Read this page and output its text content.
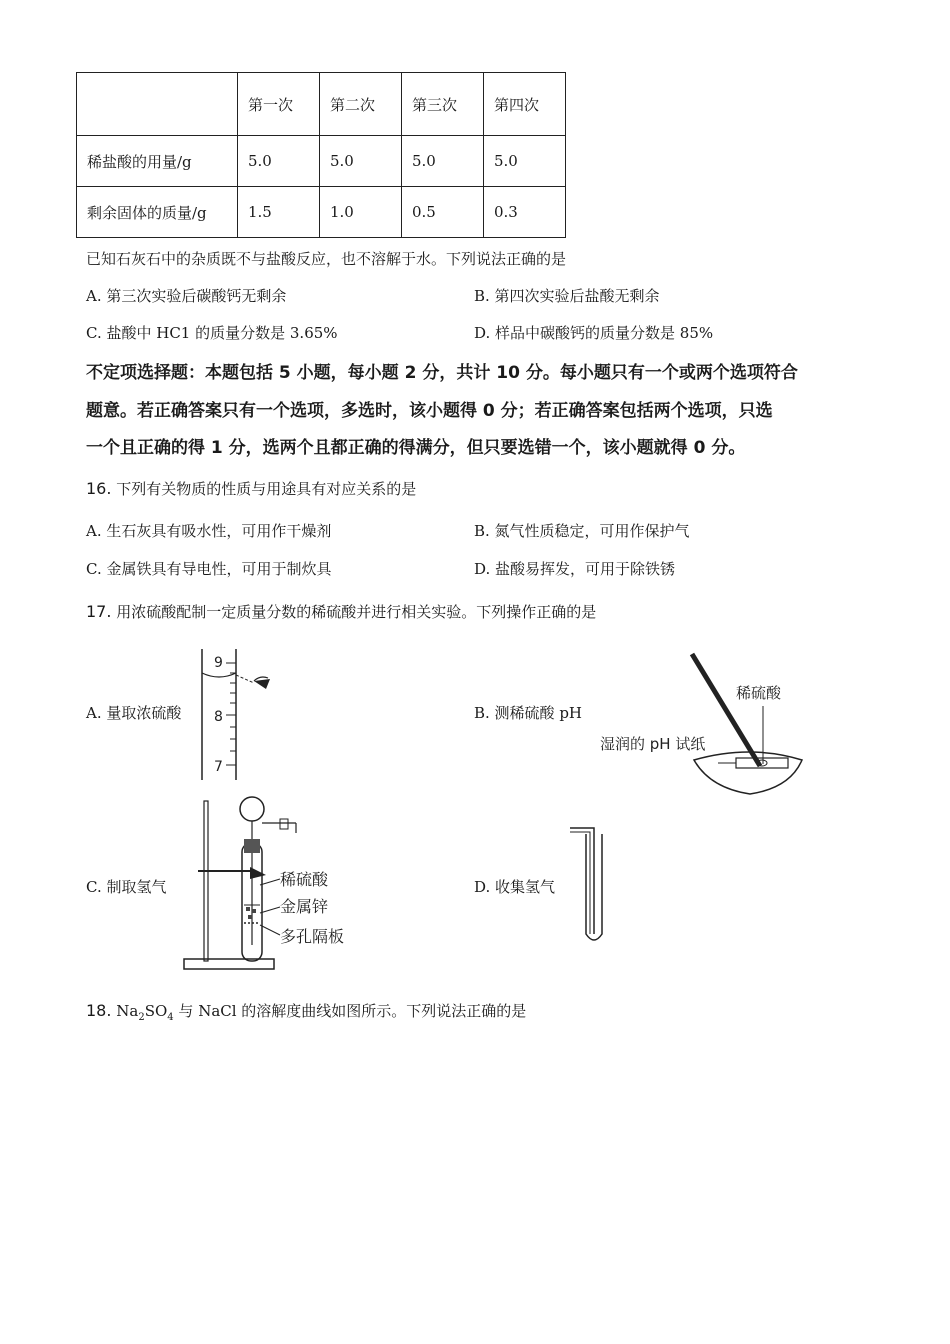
	第一次	第二次	第三次	第四次
稀盐酸的用量/g	5.0	5.0	5.0	5.0
剩余固体的质量/g	1.5	1.0	0.5	0.3
已知石灰石中的杂质既不与盐酸反应，也不溶解于水。下列说法正确的是
A. 第三次实验后碳酸钙无剩余	B. 第四次实验后盐酸无剩余
C. 盐酸中 HC1 的质量分数是 3.65%	D. 样品中碳酸钙的质量分数是 85%
不定项选择题：本题包括 5 小题，每小题 2 分，共计 10 分。每小题只有一个或两个选项符合
题意。若正确答案只有一个选项，多选时，该小题得 0 分；若正确答案包括两个选项，只选
一个且正确的得 1 分，选两个且都正确的得满分，但只要选错一个，该小题就得 0 分。
16. 下列有关物质的性质与用途具有对应关系的是
A. 生石灰具有吸水性，可用作干燥剂	B. 氮气性质稳定，可用作保护气
C. 金属铁具有导电性，可用于制炊具	D. 盐酸易挥发，可用于除铁锈
17. 用浓硫酸配制一定质量分数的稀硫酸并进行相关实验。下列操作正确的是
A. 量取浓硫酸	B. 测稀硫酸 pH
C. 制取氢气	D. 收集氢气
9
8
7
稀硫酸
湿润的 pH 试纸
稀硫酸
金属锌
多孔隔板
18. $Na_2SO_4$ 与 NaCl 的溶解度曲线如图所示。下列说法正确的是
